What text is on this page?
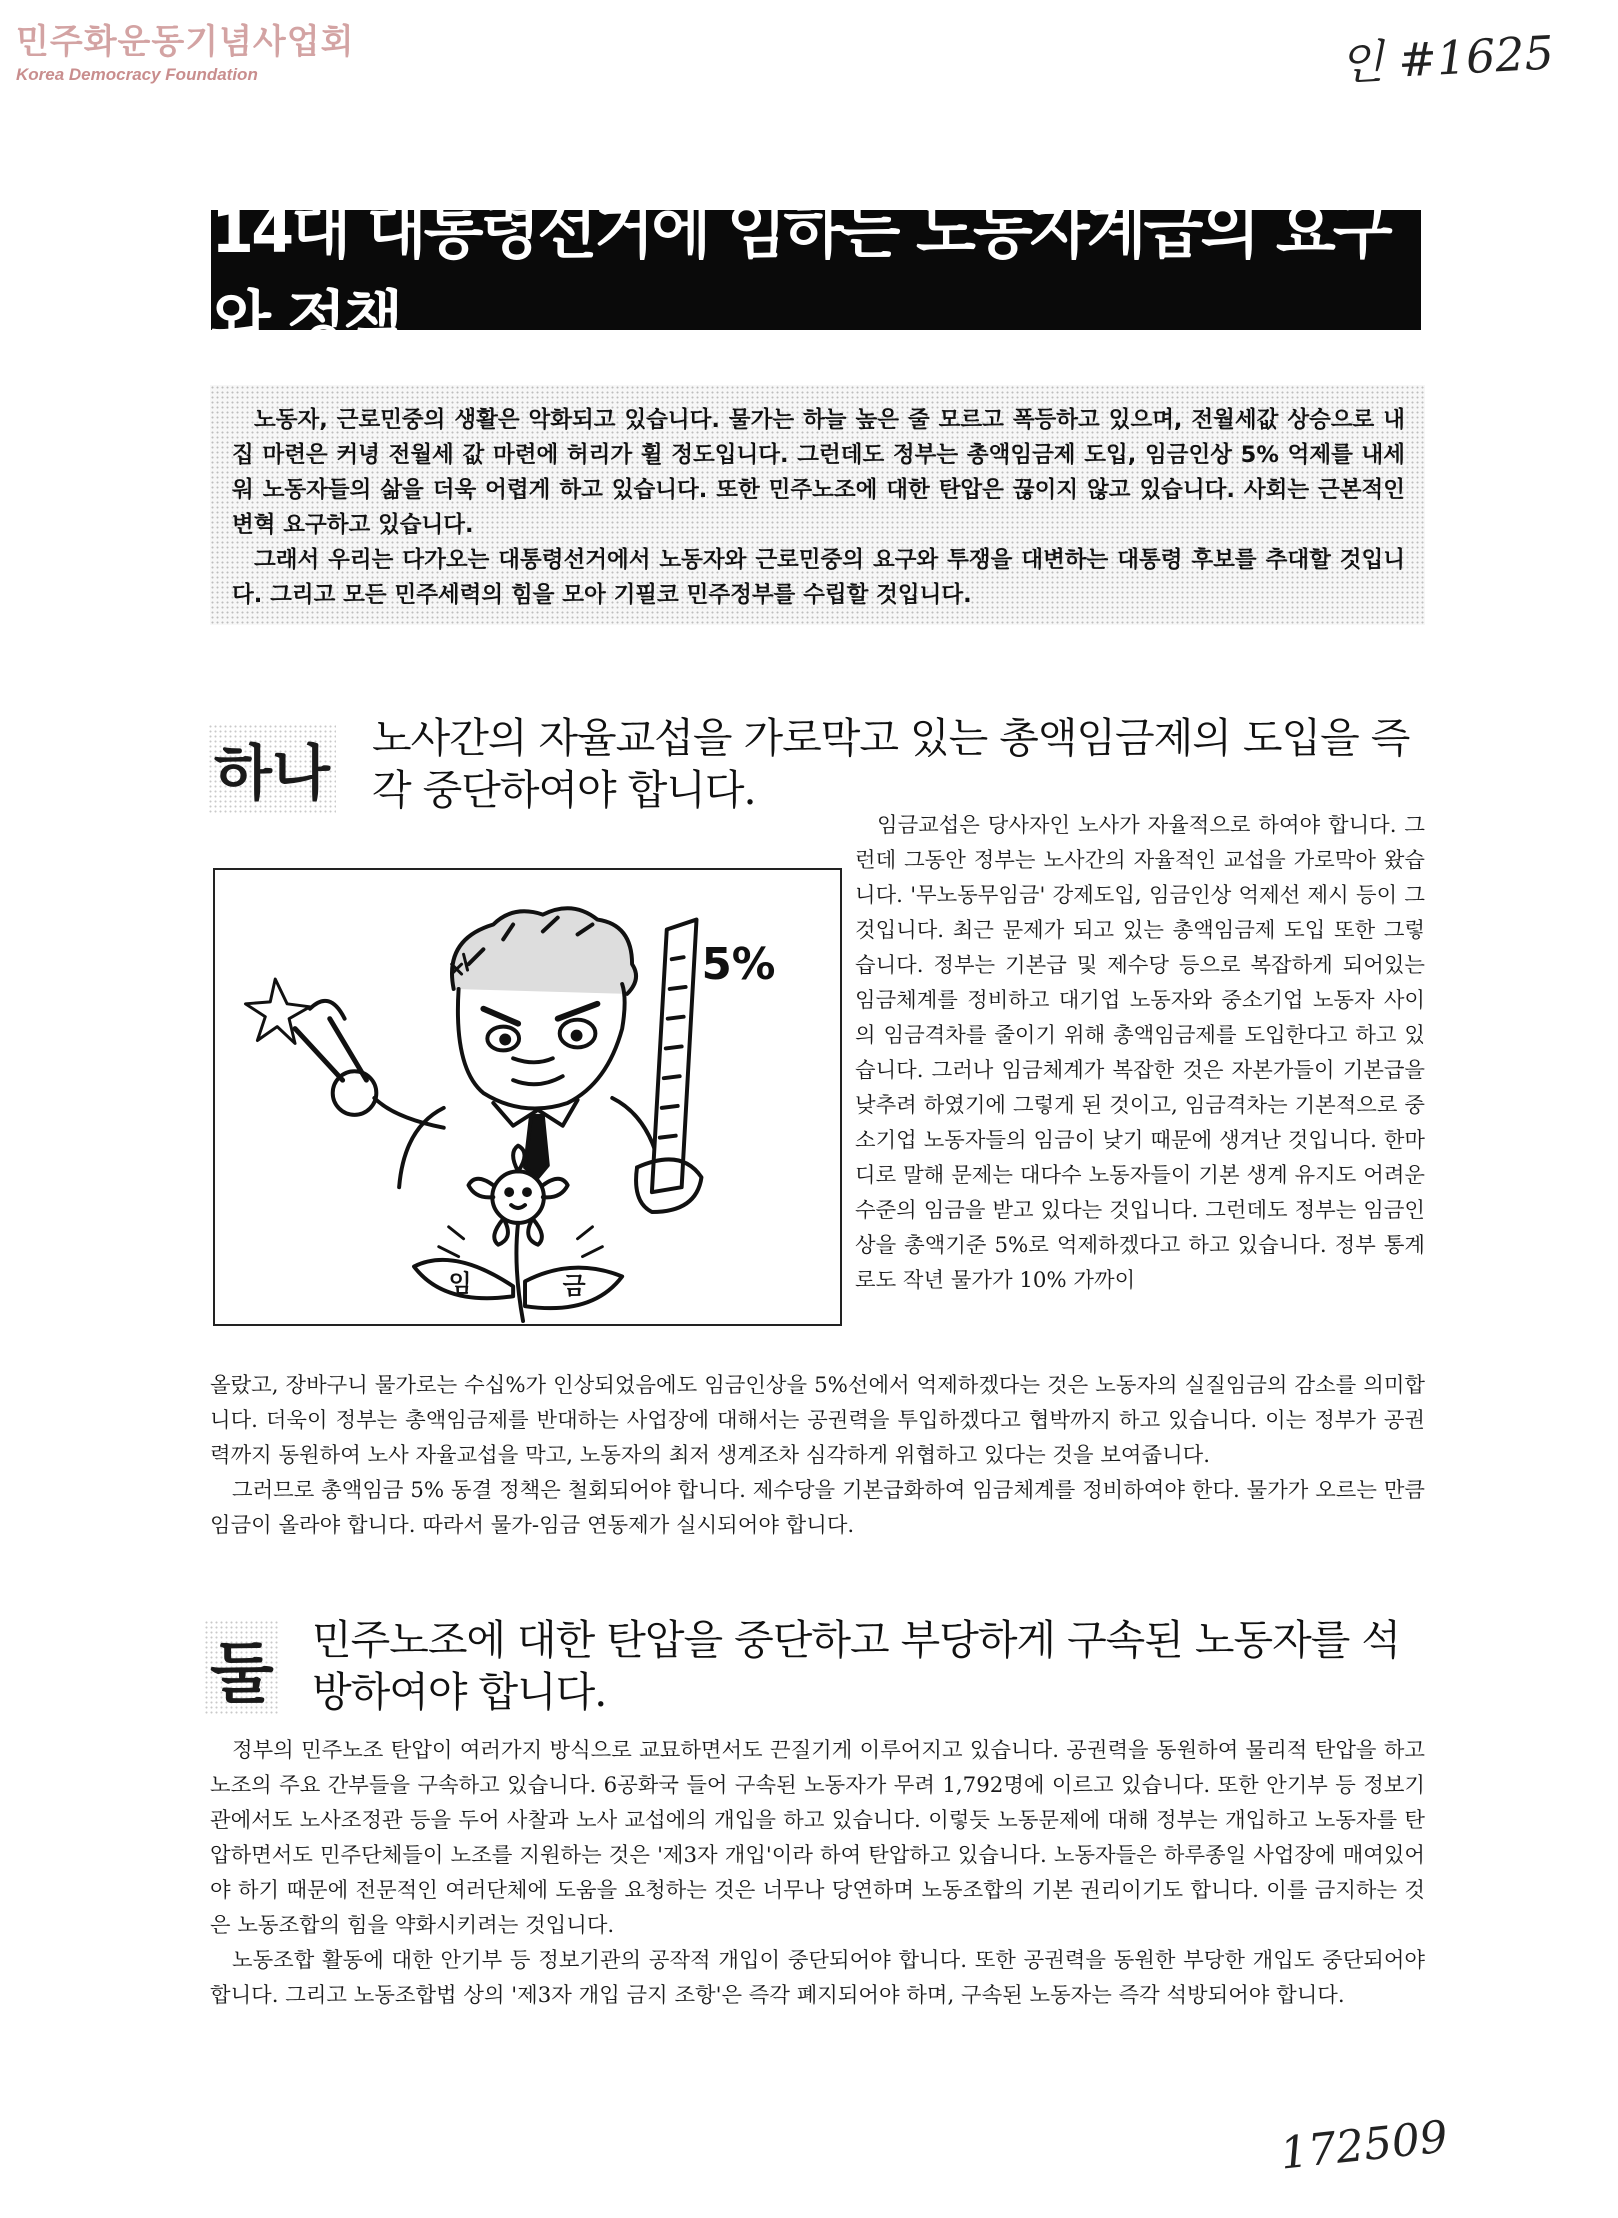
민주화운동기념사업회
Korea Democracy Foundation	인 #1625
14대 대통령선거에 임하는 노동자계급의 요구와 정책

노동자, 근로민중의 생활은 악화되고 있습니다. 물가는 하늘 높은 줄 모르고 폭등하고 있으며, 전월세값 상승으로 내 집 마련은 커녕 전월세 값 마련에 허리가 휠 정도입니다. 그런데도 정부는 총액임금제 도입, 임금인상 5% 억제를 내세워 노동자들의 삶을 더욱 어렵게 하고 있습니다. 또한 민주노조에 대한 탄압은 끊이지 않고 있습니다. 사회는 근본적인 변혁 요구하고 있습니다.

그래서 우리는 다가오는 대통령선거에서 노동자와 근로민중의 요구와 투쟁을 대변하는 대통령 후보를 추대할 것입니다. 그리고 모든 민주세력의 힘을 모아 기필코 민주정부를 수립할 것입니다.

하나
노사간의 자율교섭을 가로막고 있는 총액임금제의 도입을 즉각 중단하여야 합니다.
5%
임	금

임금교섭은 당사자인 노사가 자율적으로 하여야 합니다. 그런데 그동안 정부는 노사간의 자율적인 교섭을 가로막아 왔습니다. '무노동무임금' 강제도입, 임금인상 억제선 제시 등이 그것입니다. 최근 문제가 되고 있는 총액임금제 도입 또한 그렇습니다. 정부는 기본급 및 제수당 등으로 복잡하게 되어있는 임금체계를 정비하고 대기업 노동자와 중소기업 노동자 사이의 임금격차를 줄이기 위해 총액임금제를 도입한다고 하고 있습니다. 그러나 임금체계가 복잡한 것은 자본가들이 기본급을 낮추려 하였기에 그렇게 된 것이고, 임금격차는 기본적으로 중소기업 노동자들의 임금이 낮기 때문에 생겨난 것입니다. 한마디로 말해 문제는 대다수 노동자들이 기본 생계 유지도 어려운 수준의 임금을 받고 있다는 것입니다. 그런데도 정부는 임금인상을 총액기준 5%로 억제하겠다고 하고 있습니다. 정부 통계로도 작년 물가가 10% 가까이

올랐고, 장바구니 물가로는 수십%가 인상되었음에도 임금인상을 5%선에서 억제하겠다는 것은 노동자의 실질임금의 감소를 의미합니다. 더욱이 정부는 총액임금제를 반대하는 사업장에 대해서는 공권력을 투입하겠다고 협박까지 하고 있습니다. 이는 정부가 공권력까지 동원하여 노사 자율교섭을 막고, 노동자의 최저 생계조차 심각하게 위협하고 있다는 것을 보여줍니다.

그러므로 총액임금 5% 동결 정책은 철회되어야 합니다. 제수당을 기본급화하여 임금체계를 정비하여야 한다. 물가가 오르는 만큼 임금이 올라야 합니다. 따라서 물가-임금 연동제가 실시되어야 합니다.

둘 민주노조에 대한 탄압을 중단하고 부당하게 구속된 노동자를 석방하여야 합니다.

정부의 민주노조 탄압이 여러가지 방식으로 교묘하면서도 끈질기게 이루어지고 있습니다. 공권력을 동원하여 물리적 탄압을 하고 노조의 주요 간부들을 구속하고 있습니다. 6공화국 들어 구속된 노동자가 무려 1,792명에 이르고 있습니다. 또한 안기부 등 정보기관에서도 노사조정관 등을 두어 사찰과 노사 교섭에의 개입을 하고 있습니다. 이렇듯 노동문제에 대해 정부는 개입하고 노동자를 탄압하면서도 민주단체들이 노조를 지원하는 것은 '제3자 개입'이라 하여 탄압하고 있습니다. 노동자들은 하루종일 사업장에 매여있어야 하기 때문에 전문적인 여러단체에 도움을 요청하는 것은 너무나 당연하며 노동조합의 기본 권리이기도 합니다. 이를 금지하는 것은 노동조합의 힘을 약화시키려는 것입니다.

노동조합 활동에 대한 안기부 등 정보기관의 공작적 개입이 중단되어야 합니다. 또한 공권력을 동원한 부당한 개입도 중단되어야 합니다. 그리고 노동조합법 상의 '제3자 개입 금지 조항'은 즉각 폐지되어야 하며, 구속된 노동자는 즉각 석방되어야 합니다.

172509
